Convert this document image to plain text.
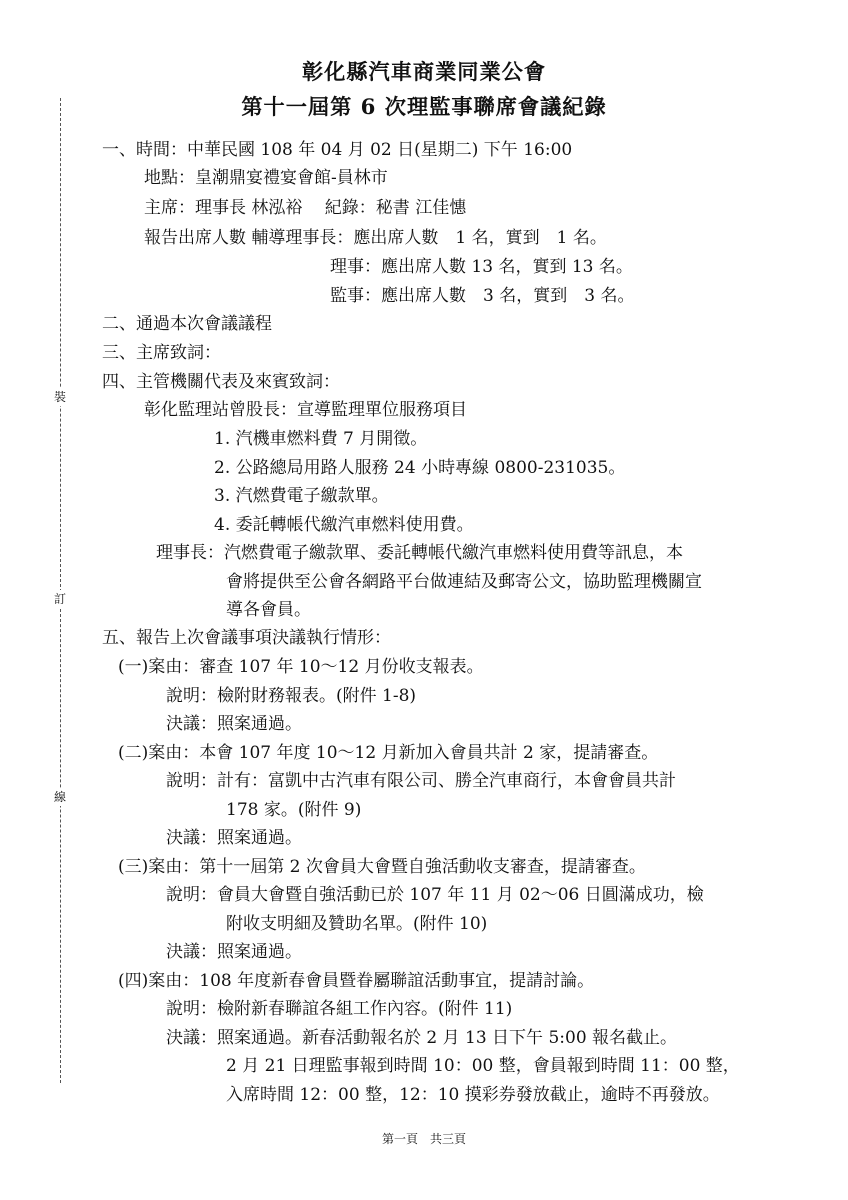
裝
訂
線
彰化縣汽車商業同業公會
第十一屆第 6 次理監事聯席會議紀錄
一、時間：中華民國 108 年 04 月 02 日(星期二) 下午 16:00
地點：皇潮鼎宴禮宴會館-員林市
主席：理事長 林泓裕　 紀錄：秘書 江佳憓
報告出席人數 輔導理事長：應出席人數　1 名，實到　1 名。
理事：應出席人數 13 名，實到 13 名。
監事：應出席人數　3 名，實到　3 名。
二、通過本次會議議程
三、主席致詞：
四、主管機關代表及來賓致詞：
彰化監理站曾股長：宣導監理單位服務項目
1. 汽機車燃料費 7 月開徵。
2. 公路總局用路人服務 24 小時專線 0800-231035。
3. 汽燃費電子繳款單。
4. 委託轉帳代繳汽車燃料使用費。
理事長：汽燃費電子繳款單、委託轉帳代繳汽車燃料使用費等訊息，本
會將提供至公會各網路平台做連結及郵寄公文，協助監理機關宣
導各會員。
五、報告上次會議事項決議執行情形：
(一)案由：審查 107 年 10～12 月份收支報表。
說明：檢附財務報表。(附件 1-8)
決議：照案通過。
(二)案由：本會 107 年度 10～12 月新加入會員共計 2 家，提請審查。
說明：計有：富凱中古汽車有限公司、勝全汽車商行，本會會員共計
178 家。(附件 9)
決議：照案通過。
(三)案由：第十一屆第 2 次會員大會暨自強活動收支審查，提請審查。
說明：會員大會暨自強活動已於 107 年 11 月 02～06 日圓滿成功，檢
附收支明細及贊助名單。(附件 10)
決議：照案通過。
(四)案由：108 年度新春會員暨眷屬聯誼活動事宜，提請討論。
說明：檢附新春聯誼各組工作內容。(附件 11)
決議：照案通過。新春活動報名於 2 月 13 日下午 5:00 報名截止。
2 月 21 日理監事報到時間 10：00 整，會員報到時間 11：00 整，
入席時間 12：00 整，12：10 摸彩券發放截止，逾時不再發放。
第一頁　共三頁
